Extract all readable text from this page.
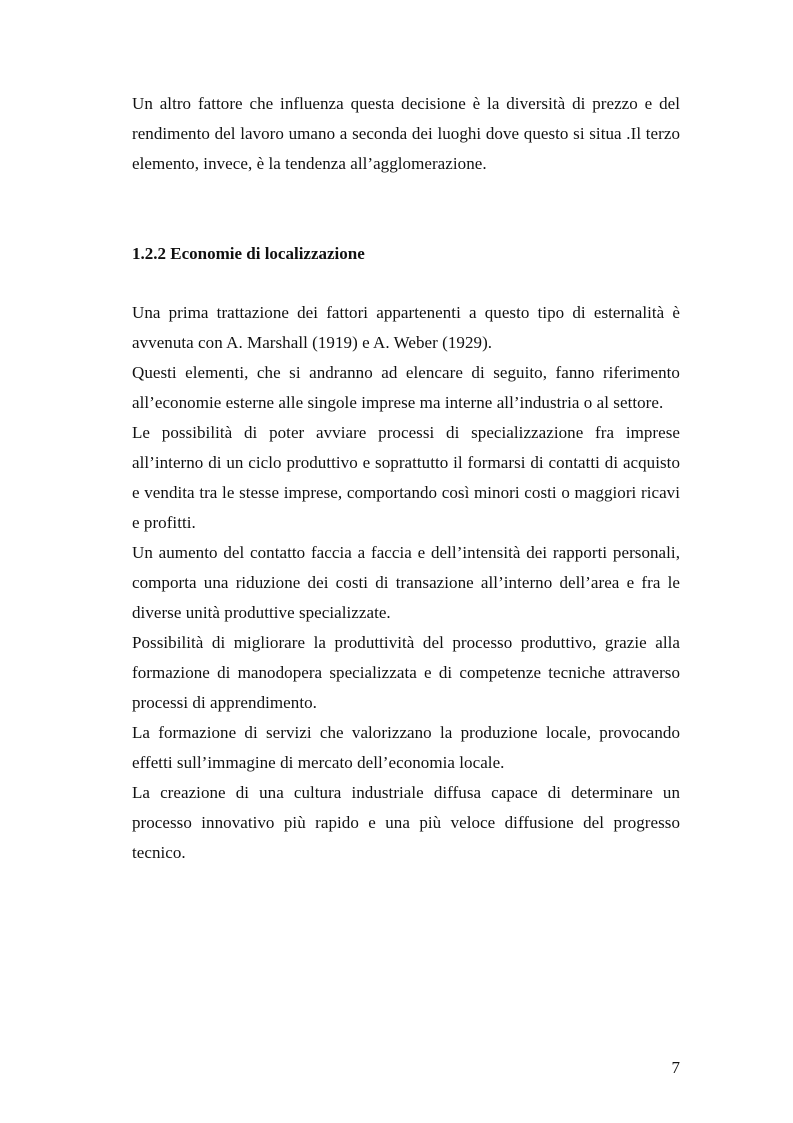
Un altro fattore che influenza questa decisione è la diversità di prezzo e del rendimento del lavoro umano a seconda dei luoghi dove questo si situa .Il terzo elemento, invece, è la tendenza all’agglomerazione.

1.2.2 Economie di localizzazione

Una prima trattazione dei fattori appartenenti a questo tipo di esternalità è avvenuta con A. Marshall (1919) e A. Weber (1929).

Questi elementi, che si andranno ad elencare di seguito, fanno riferimento all’economie esterne alle singole imprese ma interne all’industria o al settore.

Le possibilità di poter avviare processi di specializzazione fra imprese all’interno di un ciclo produttivo e soprattutto il formarsi di contatti di acquisto e vendita tra le stesse imprese, comportando così minori costi o maggiori ricavi e profitti.

Un aumento del contatto faccia a faccia e dell’intensità dei rapporti personali, comporta una riduzione dei costi di transazione all’interno dell’area e fra le diverse unità produttive specializzate.

Possibilità di migliorare la produttività del processo produttivo, grazie alla formazione di manodopera specializzata e di competenze tecniche attraverso processi di apprendimento.

La formazione di servizi che valorizzano la produzione locale, provocando effetti sull’immagine di mercato dell’economia locale.

La creazione di una cultura industriale diffusa capace di determinare un processo innovativo più rapido e una più veloce diffusione del progresso tecnico.

7
